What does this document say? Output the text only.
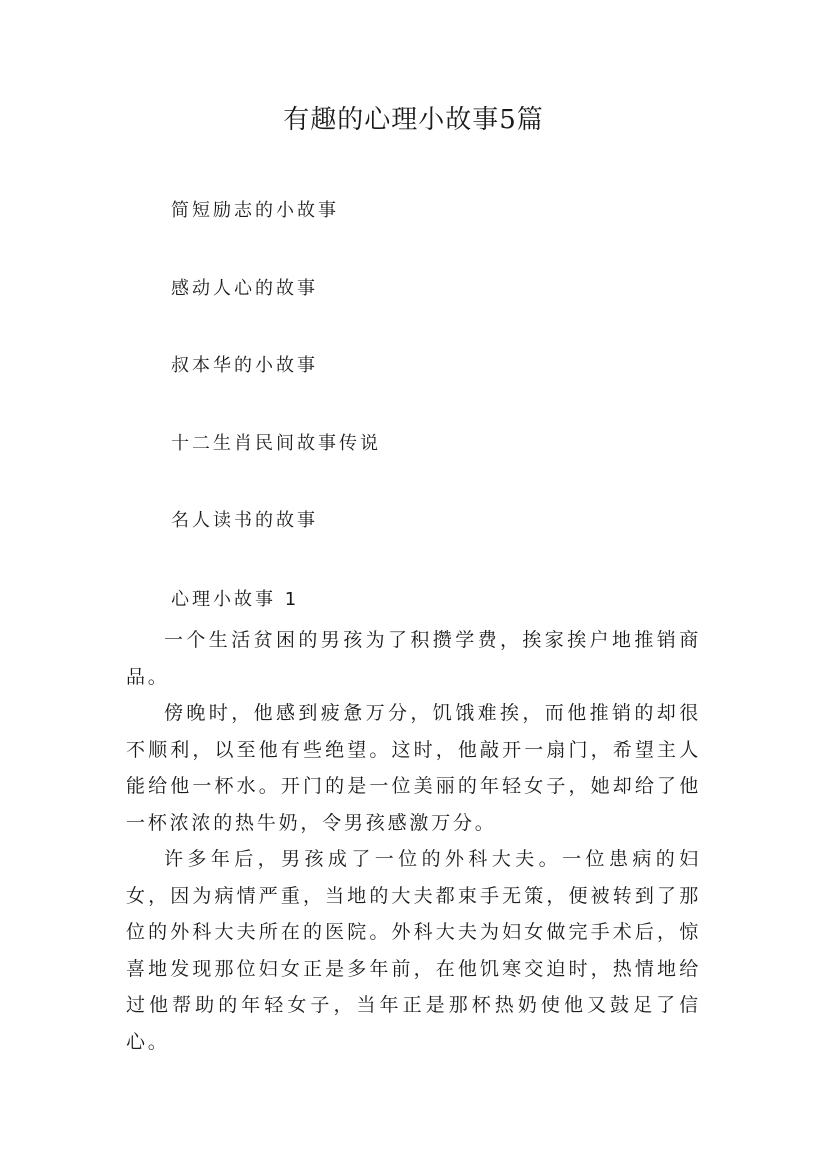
有趣的心理小故事5篇
简短励志的小故事
感动人心的故事
叔本华的小故事
十二生肖民间故事传说
名人读书的故事
心理小故事 1

一个生活贫困的男孩为了积攒学费，挨家挨户地推销商品。

傍晚时，他感到疲惫万分，饥饿难挨，而他推销的却很不顺利，以至他有些绝望。这时，他敲开一扇门，希望主人能给他一杯水。开门的是一位美丽的年轻女子，她却给了他一杯浓浓的热牛奶，令男孩感激万分。

许多年后，男孩成了一位的外科大夫。一位患病的妇女，因为病情严重，当地的大夫都束手无策，便被转到了那位的外科大夫所在的医院。外科大夫为妇女做完手术后，惊喜地发现那位妇女正是多年前，在他饥寒交迫时，热情地给过他帮助的年轻女子，当年正是那杯热奶使他又鼓足了信心。
